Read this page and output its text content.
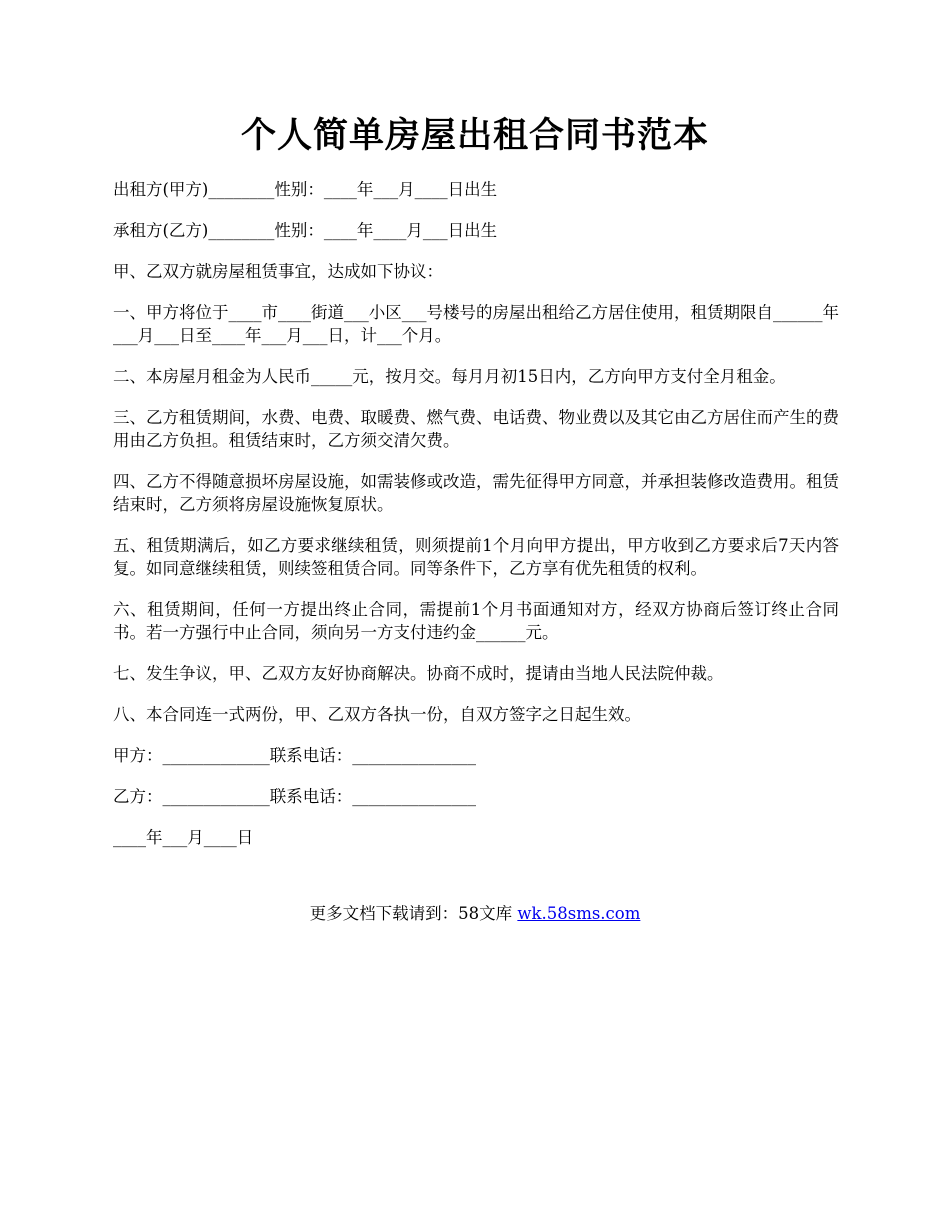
个人简单房屋出租合同书范本

出租方(甲方)________性别：____年___月____日出生

承租方(乙方)________性别：____年____月___日出生

甲、乙双方就房屋租赁事宜，达成如下协议：

一、甲方将位于____市____街道___小区___号楼号的房屋出租给乙方居住使用，租赁期限自______年___月___日至____年___月___日，计___个月。

二、本房屋月租金为人民币_____元，按月交。每月月初15日内，乙方向甲方支付全月租金。

三、乙方租赁期间，水费、电费、取暖费、燃气费、电话费、物业费以及其它由乙方居住而产生的费用由乙方负担。租赁结束时，乙方须交清欠费。

四、乙方不得随意损坏房屋设施，如需装修或改造，需先征得甲方同意，并承担装修改造费用。租赁结束时，乙方须将房屋设施恢复原状。

五、租赁期满后，如乙方要求继续租赁，则须提前1个月向甲方提出，甲方收到乙方要求后7天内答复。如同意继续租赁，则续签租赁合同。同等条件下，乙方享有优先租赁的权利。

六、租赁期间，任何一方提出终止合同，需提前1个月书面通知对方，经双方协商后签订终止合同书。若一方强行中止合同，须向另一方支付违约金______元。

七、发生争议，甲、乙双方友好协商解决。协商不成时，提请由当地人民法院仲裁。

八、本合同连一式两份，甲、乙双方各执一份，自双方签字之日起生效。

甲方：_____________联系电话：_______________

乙方：_____________联系电话：_______________

____年___月____日

更多文档下载请到：58文库 wk.58sms.com
